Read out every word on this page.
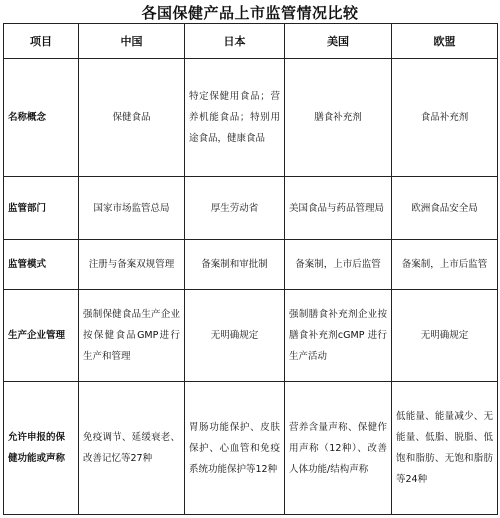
各国保健产品上市监管情况比较
项目	中国	日本	美国	欧盟
名称概念	保健食品	特定保健用食品；营养机能食品；特别用途食品，健康食品	膳食补充剂	食品补充剂
监管部门	国家市场监管总局	厚生劳动省	美国食品与药品管理局	欧洲食品安全局
监管模式	注册与备案双规管理	备案制和审批制	备案制，上市后监管	备案制，上市后监管
生产企业管理	强制保健食品生产企业按保健食品GMP进行生产和管理	无明确规定	强制膳食补充剂企业按膳食补充剂cGMP 进行生产活动	无明确规定
允许申报的保健功能或声称	免疫调节、延缓衰老、改善记忆等27种	胃肠功能保护、皮肤保护、心血管和免疫系统功能保护等12种	营养含量声称、保健作用声称（12种）、改善人体功能/结构声称	低能量、能量减少、无能量、低脂、脱脂、低饱和脂肪、无饱和脂肪等24种
